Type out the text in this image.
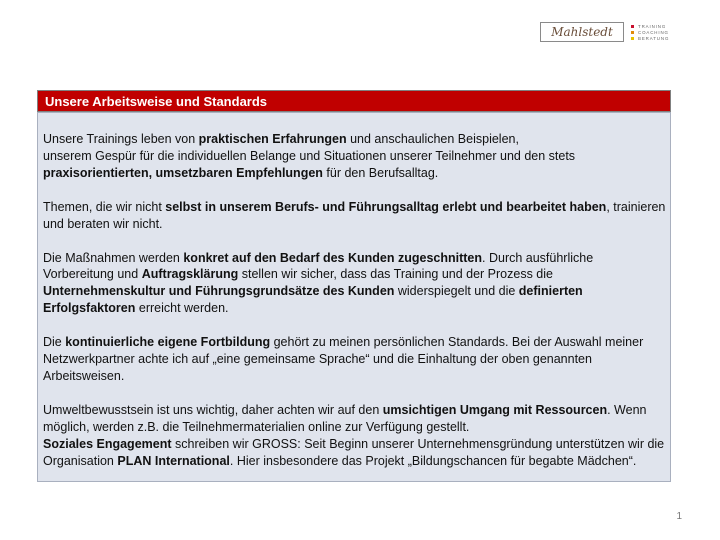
Mahlstedt	TRAINING
COACHING
BERATUNG
Unsere Arbeitsweise und Standards

Unsere Trainings leben von praktischen Erfahrungen und anschaulichen Beispielen,
unserem Gespür für die individuellen Belange und Situationen unserer Teilnehmer und den stets praxisorientierten, umsetzbaren Empfehlungen für den Berufsalltag.

Themen, die wir nicht selbst in unserem Berufs- und Führungsalltag erlebt und bearbeitet haben, trainieren und beraten wir nicht.

Die Maßnahmen werden konkret auf den Bedarf des Kunden zugeschnitten. Durch ausführliche Vorbereitung und Auftragsklärung stellen wir sicher, dass das Training und der Prozess die Unternehmenskultur und Führungsgrundsätze des Kunden widerspiegelt und die definierten Erfolgsfaktoren erreicht werden.

Die kontinuierliche eigene Fortbildung gehört zu meinen persönlichen Standards. Bei der Auswahl meiner Netzwerkpartner achte ich auf „eine gemeinsame Sprache“ und die Einhaltung der oben genannten Arbeitsweisen.

Umweltbewusstsein ist uns wichtig, daher achten wir auf den umsichtigen Umgang mit Ressourcen. Wenn möglich, werden z.B. die Teilnehmermaterialien online zur Verfügung gestellt.
Soziales Engagement schreiben wir GROSS: Seit Beginn unserer Unternehmensgründung unterstützen wir die Organisation PLAN International. Hier insbesondere das Projekt „Bildungschancen für begabte Mädchen“.

1
